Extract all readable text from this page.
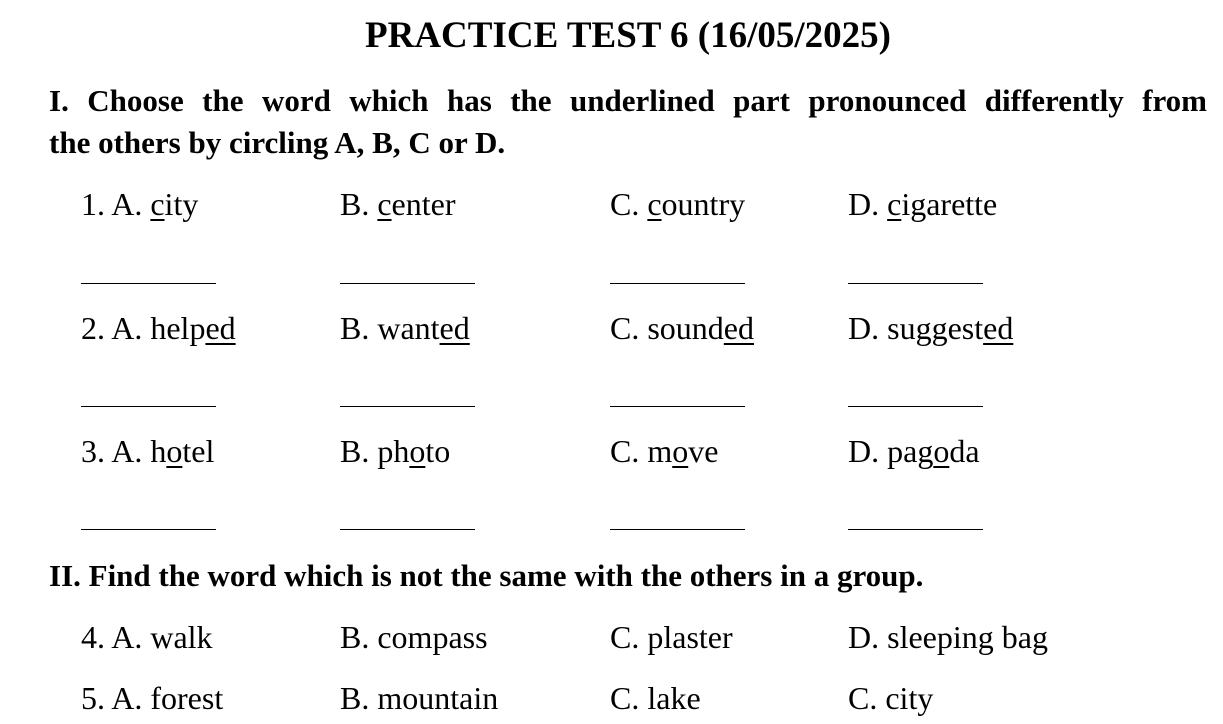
PRACTICE TEST 6 (16/05/2025)
I. Choose the word which has the underlined part pronounced differently from
the others by circling A, B, C or D.
1. A. city	B. center	C. country	D. cigarette
2. A. helped	B. wanted	C. sounded	D. suggested
3. A. hotel	B. photo	C. move	D. pagoda
II. Find the word which is not the same with the others in a group.
4. A. walk	B. compass	C. plaster	D. sleeping bag
5. A. forest	B. mountain	C. lake	C. city
